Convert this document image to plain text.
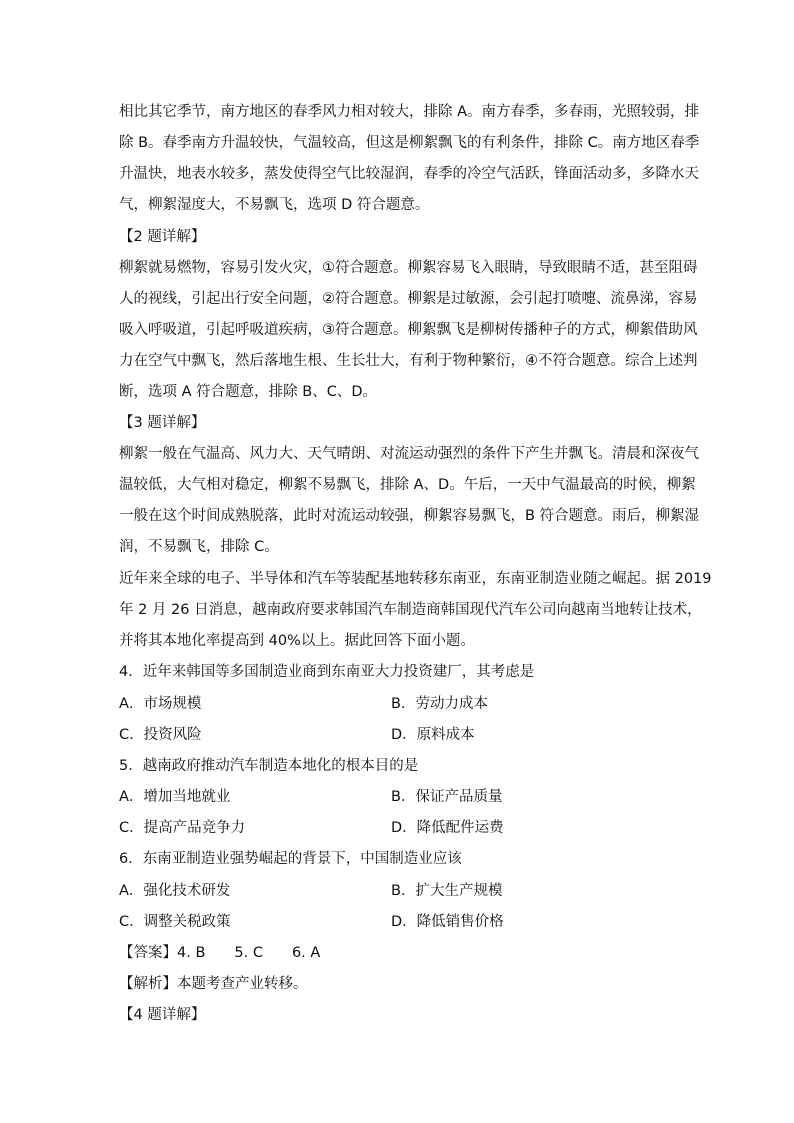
相比其它季节，南方地区的春季风力相对较大，排除 A。南方春季，多春雨，光照较弱，排

除 B。春季南方升温较快，气温较高，但这是柳絮飘飞的有利条件，排除 C。南方地区春季

升温快，地表水较多，蒸发使得空气比较湿润，春季的冷空气活跃，锋面活动多，多降水天

气，柳絮湿度大，不易飘飞，选项 D 符合题意。

【2 题详解】

柳絮就易燃物，容易引发火灾，①符合题意。柳絮容易飞入眼睛，导致眼睛不适，甚至阻碍

人的视线，引起出行安全问题，②符合题意。柳絮是过敏源，会引起打喷嚏、流鼻涕，容易

吸入呼吸道，引起呼吸道疾病，③符合题意。柳絮飘飞是柳树传播种子的方式，柳絮借助风

力在空气中飘飞，然后落地生根、生长壮大，有利于物种繁衍，④不符合题意。综合上述判

断，选项 A 符合题意，排除 B、C、D。

【3 题详解】

柳絮一般在气温高、风力大、天气晴朗、对流运动强烈的条件下产生并飘飞。清晨和深夜气

温较低，大气相对稳定，柳絮不易飘飞，排除 A、D。午后，一天中气温最高的时候，柳絮

一般在这个时间成熟脱落，此时对流运动较强，柳絮容易飘飞，B 符合题意。雨后，柳絮湿

润，不易飘飞，排除 C。

近年来全球的电子、半导体和汽车等装配基地转移东南亚，东南亚制造业随之崛起。据 2019

年 2 月 26 日消息，越南政府要求韩国汽车制造商韩国现代汽车公司向越南当地转让技术，

并将其本地化率提高到 40%以上。据此回答下面小题。

4．近年来韩国等多国制造业商到东南亚大力投资建厂，其考虑是

A．市场规模	B．劳动力成本
C．投资风险	D．原料成本

5．越南政府推动汽车制造本地化的根本目的是

A．增加当地就业	B．保证产品质量
C．提高产品竞争力	D．降低配件运费

6．东南亚制造业强势崛起的背景下，中国制造业应该

A．强化技术研发	B．扩大生产规模
C．调整关税政策	D．降低销售价格

【答案】4. B　　5. C　　6. A

【解析】本题考查产业转移。

【4 题详解】
